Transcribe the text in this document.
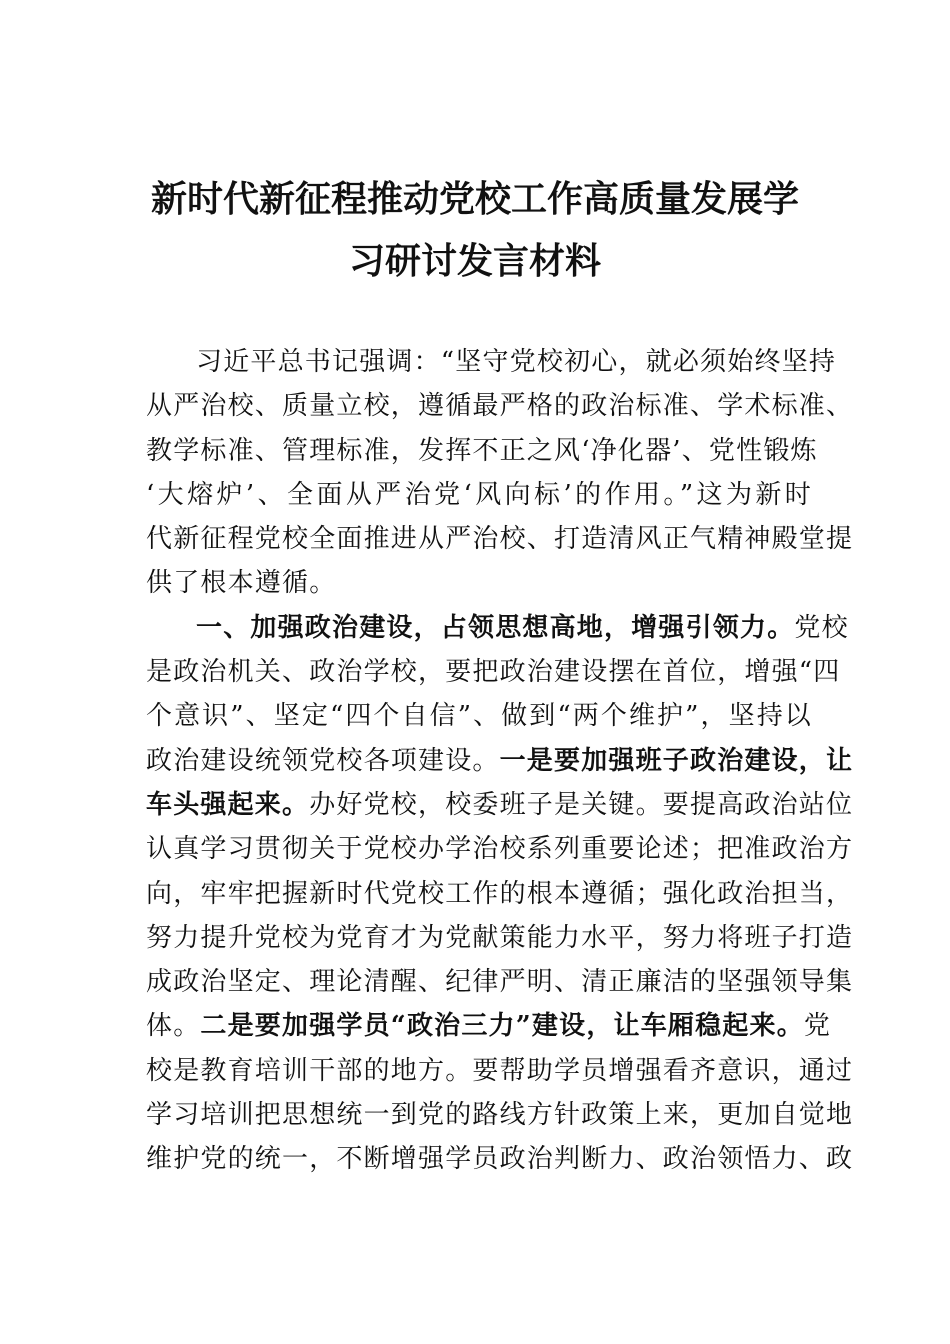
新时代新征程推动党校工作高质量发展学
习研讨发言材料
习近平总书记强调：“坚守党校初心，就必须始终坚持
从严治校、质量立校，遵循最严格的政治标准、学术标准、
教学标准、管理标准，发挥不正之风‘净化器’、党性锻炼
‘大熔炉’、全面从严治党‘风向标’的作用。”这为新时
代新征程党校全面推进从严治校、打造清风正气精神殿堂提
供了根本遵循。
一、加强政治建设，占领思想高地，增强引领力。党校
是政治机关、政治学校，要把政治建设摆在首位，增强“四
个意识”、坚定“四个自信”、做到“两个维护”，坚持以
政治建设统领党校各项建设。一是要加强班子政治建设，让
车头强起来。办好党校，校委班子是关键。要提高政治站位
认真学习贯彻关于党校办学治校系列重要论述；把准政治方
向，牢牢把握新时代党校工作的根本遵循；强化政治担当，
努力提升党校为党育才为党献策能力水平，努力将班子打造
成政治坚定、理论清醒、纪律严明、清正廉洁的坚强领导集
体。二是要加强学员“政治三力”建设，让车厢稳起来。党
校是教育培训干部的地方。要帮助学员增强看齐意识，通过
学习培训把思想统一到党的路线方针政策上来，更加自觉地
维护党的统一，不断增强学员政治判断力、政治领悟力、政
